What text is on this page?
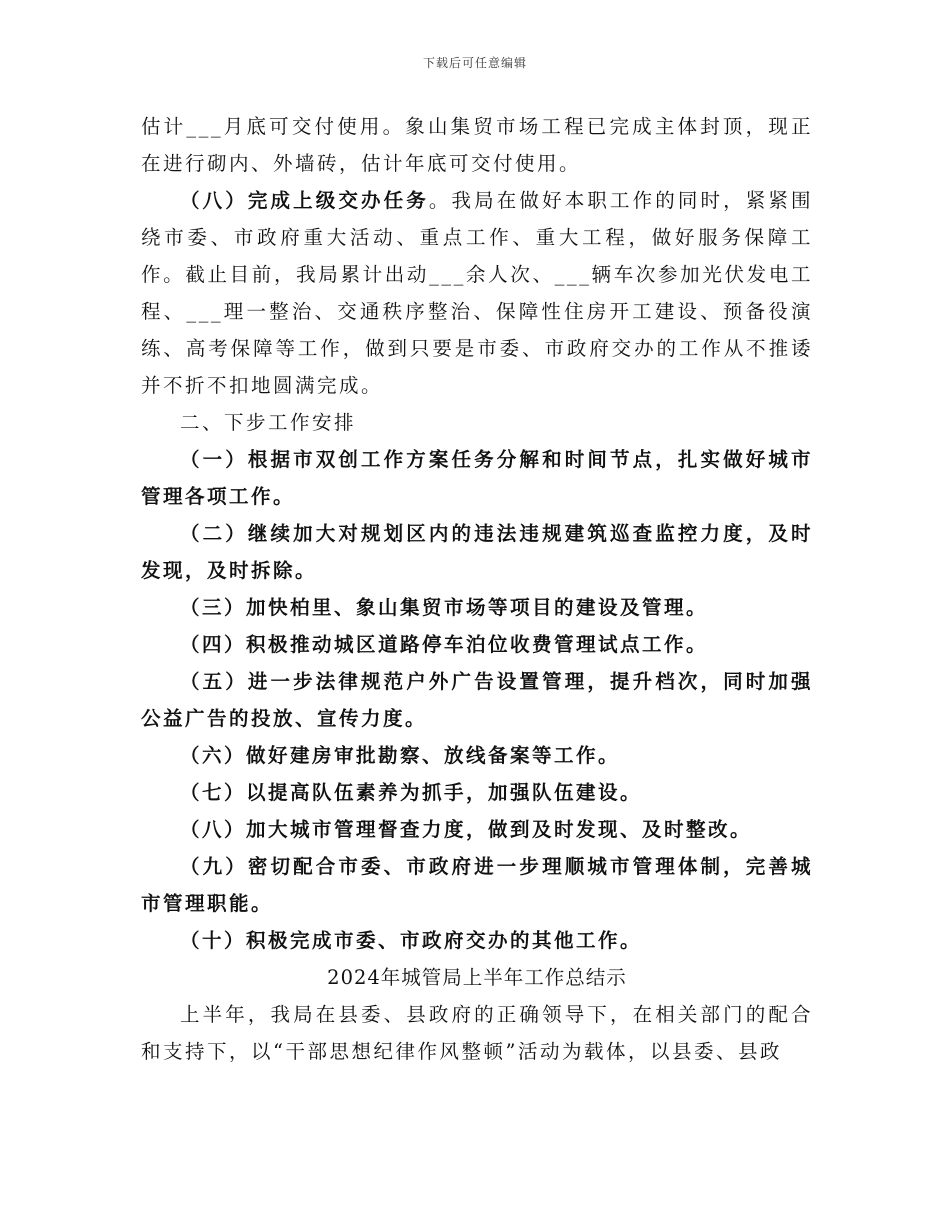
下载后可任意编辑

估计___月底可交付使用。象山集贸市场工程已完成主体封顶，现正在进行砌内、外墙砖，估计年底可交付使用。

（八）完成上级交办任务。我局在做好本职工作的同时，紧紧围绕市委、市政府重大活动、重点工作、重大工程，做好服务保障工作。截止目前，我局累计出动___余人次、___辆车次参加光伏发电工程、___理一整治、交通秩序整治、保障性住房开工建设、预备役演练、高考保障等工作，做到只要是市委、市政府交办的工作从不推诿并不折不扣地圆满完成。

二、下步工作安排

（一）根据市双创工作方案任务分解和时间节点，扎实做好城市管理各项工作。

（二）继续加大对规划区内的违法违规建筑巡查监控力度，及时发现，及时拆除。

（三）加快柏里、象山集贸市场等项目的建设及管理。

（四）积极推动城区道路停车泊位收费管理试点工作。

（五）进一步法律规范户外广告设置管理，提升档次，同时加强公益广告的投放、宣传力度。

（六）做好建房审批勘察、放线备案等工作。

（七）以提高队伍素养为抓手，加强队伍建设。

（八）加大城市管理督查力度，做到及时发现、及时整改。

（九）密切配合市委、市政府进一步理顺城市管理体制，完善城市管理职能。

（十）积极完成市委、市政府交办的其他工作。

2024年城管局上半年工作总结示

上半年，我局在县委、县政府的正确领导下，在相关部门的配合和支持下，以“干部思想纪律作风整顿”活动为载体，以县委、县政
